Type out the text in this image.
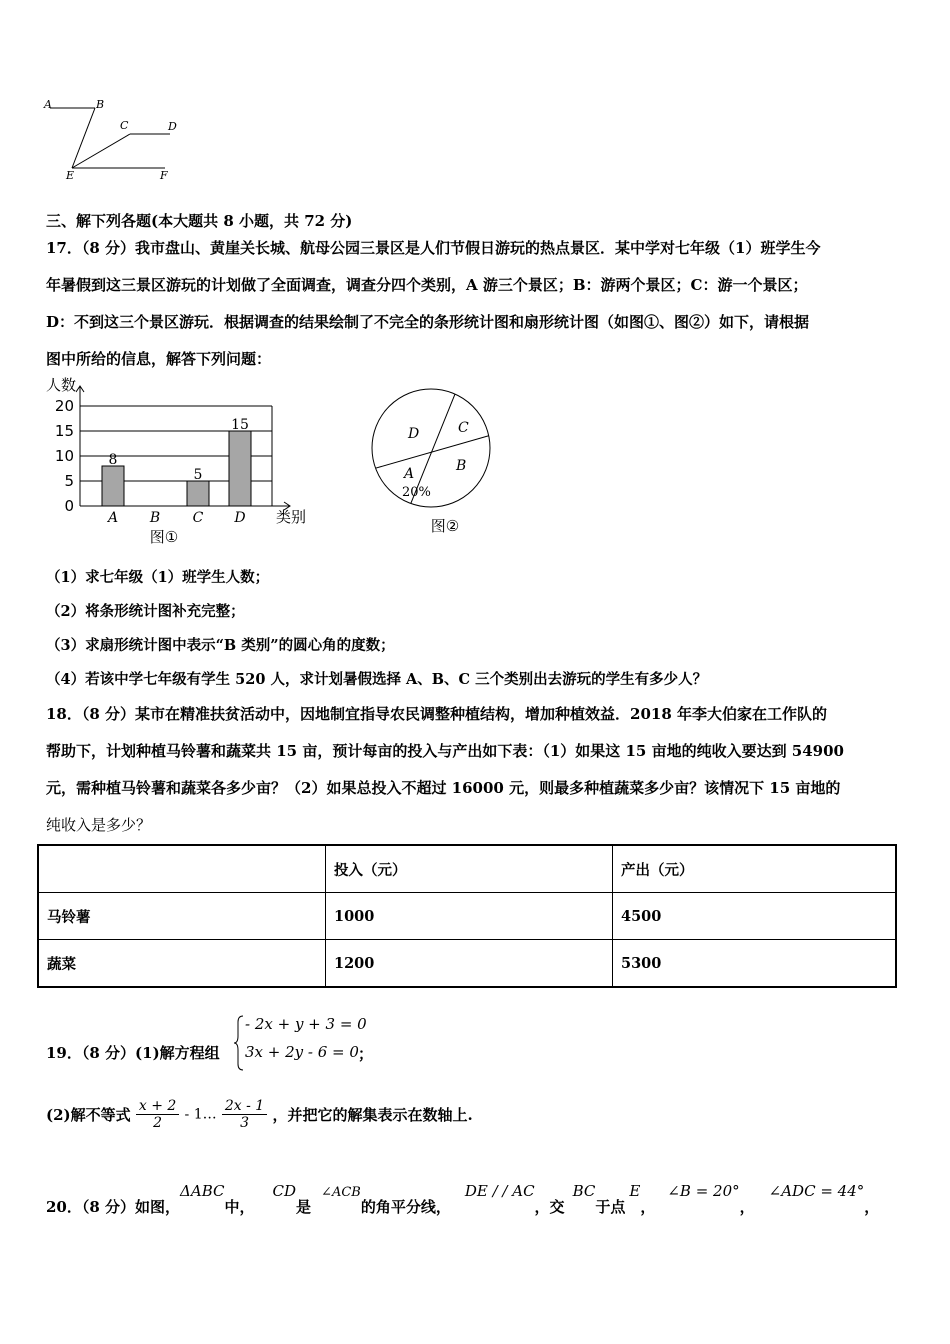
A	B
C	D
E	F
三、解下列各题(本大题共 8 小题，共 72 分)
17．（8 分）我市盘山、黄崖关长城、航母公园三景区是人们节假日游玩的热点景区．某中学对七年级（1）班学生今
年暑假到这三景区游玩的计划做了全面调查，调查分四个类别，A 游三个景区；B：游两个景区；C：游一个景区；
D：不到这三个景区游玩．根据调查的结果绘制了不完全的条形统计图和扇形统计图（如图①、图②）如下，请根据
图中所给的信息，解答下列问题：
0
5
10
15
20
人数
8
A B
5
C
15
D 类别
图①
A
20%
B
C
D
图②
（1）求七年级（1）班学生人数；
（2）将条形统计图补充完整；
（3）求扇形统计图中表示“B 类别”的圆心角的度数；
（4）若该中学七年级有学生 520 人，求计划暑假选择 A、B、C 三个类别出去游玩的学生有多少人？
18．（8 分）某市在精准扶贫活动中，因地制宜指导农民调整种植结构，增加种植效益．2018 年李大伯家在工作队的
帮助下，计划种植马铃薯和蔬菜共 15 亩，预计每亩的投入与产出如下表：（1）如果这 15 亩地的纯收入要达到 54900
元，需种植马铃薯和蔬菜各多少亩？（2）如果总投入不超过 16000 元，则最多种植蔬菜多少亩？该情况下 15 亩地的
纯收入是多少？
	投入（元）	产出（元）
马铃薯	1000	4500
蔬菜	1200	5300
19．（8 分）(1)解方程组
- 2x + y + 3 = 0
3x + 2y - 6 = 0 ；
(2)解不等式 $\frac{x + 2}{2}$ - 1… $\frac{2x - 1}{3}$ ，并把它的解集表示在数轴上.
20．（8 分）如图，ΔABC中，CD是∠ACB的角平分线，DE / / AC，交BC于点E，∠B = 20°，∠ADC = 44°，
